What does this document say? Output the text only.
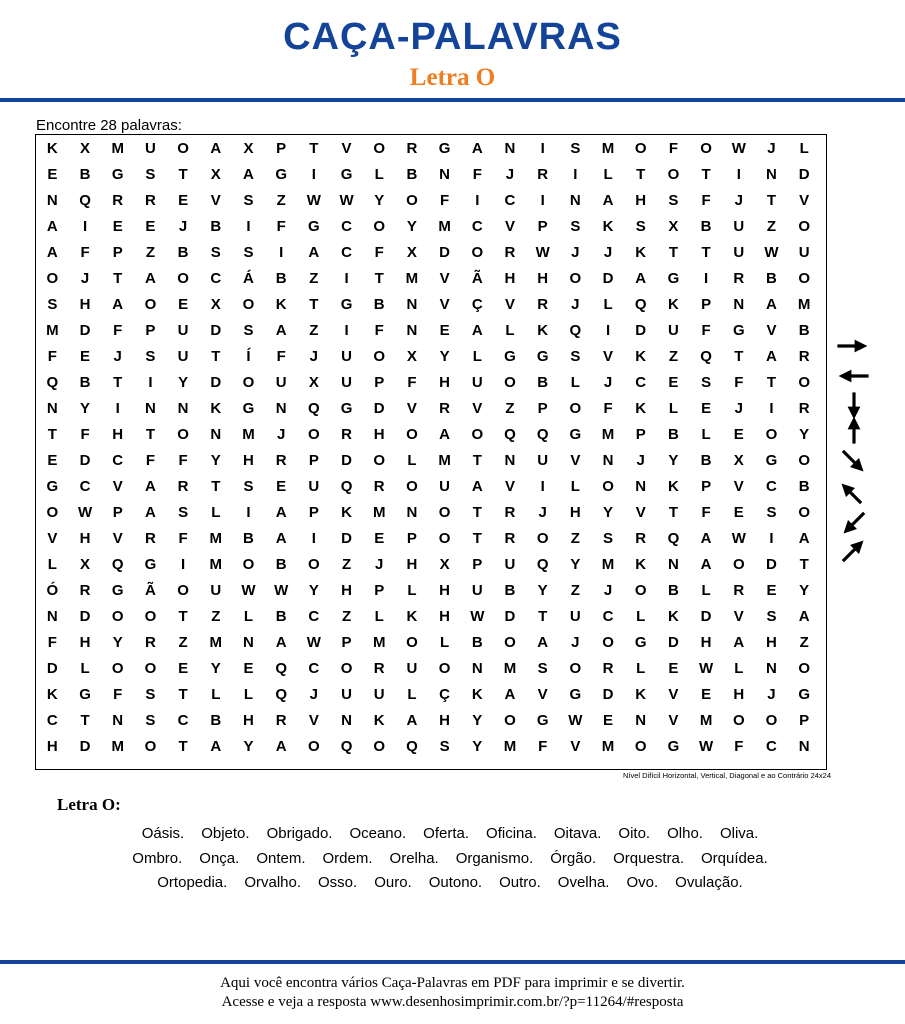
CAÇA-PALAVRAS
Letra O
Encontre 28 palavras:
K	X	M	U	O	A	X	P	T	V	O	R	G	A	N	I	S	M	O	F	O	W	J	L
E	B	G	S	T	X	A	G	I	G	L	B	N	F	J	R	I	L	T	O	T	I	N	D
N	Q	R	R	E	V	S	Z	W	W	Y	O	F	I	C	I	N	A	H	S	F	J	T	V
A	I	E	E	J	B	I	F	G	C	O	Y	M	C	V	P	S	K	S	X	B	U	Z	O
A	F	P	Z	B	S	S	I	A	C	F	X	D	O	R	W	J	J	K	T	T	U	W	U
O	J	T	A	O	C	Á	B	Z	I	T	M	V	Ã	H	H	O	D	A	G	I	R	B	O
S	H	A	O	E	X	O	K	T	G	B	N	V	Ç	V	R	J	L	Q	K	P	N	A	M
M	D	F	P	U	D	S	A	Z	I	F	N	E	A	L	K	Q	I	D	U	F	G	V	B
F	E	J	S	U	T	Í	F	J	U	O	X	Y	L	G	G	S	V	K	Z	Q	T	A	R
Q	B	T	I	Y	D	O	U	X	U	P	F	H	U	O	B	L	J	C	E	S	F	T	O
N	Y	I	N	N	K	G	N	Q	G	D	V	R	V	Z	P	O	F	K	L	E	J	I	R
T	F	H	T	O	N	M	J	O	R	H	O	A	O	Q	Q	G	M	P	B	L	E	O	Y
E	D	C	F	F	Y	H	R	P	D	O	L	M	T	N	U	V	N	J	Y	B	X	G	O
G	C	V	A	R	T	S	E	U	Q	R	O	U	A	V	I	L	O	N	K	P	V	C	B
O	W	P	A	S	L	I	A	P	K	M	N	O	T	R	J	H	Y	V	T	F	E	S	O
V	H	V	R	F	M	B	A	I	D	E	P	O	T	R	O	Z	S	R	Q	A	W	I	A
L	X	Q	G	I	M	O	B	O	Z	J	H	X	P	U	Q	Y	M	K	N	A	O	D	T
Ó	R	G	Ã	O	U	W	W	Y	H	P	L	H	U	B	Y	Z	J	O	B	L	R	E	Y
N	D	O	O	T	Z	L	B	C	Z	L	K	H	W	D	T	U	C	L	K	D	V	S	A
F	H	Y	R	Z	M	N	A	W	P	M	O	L	B	O	A	J	O	G	D	H	A	H	Z
D	L	O	O	E	Y	E	Q	C	O	R	U	O	N	M	S	O	R	L	E	W	L	N	O
K	G	F	S	T	L	L	Q	J	U	U	L	Ç	K	A	V	G	D	K	V	E	H	J	G
C	T	N	S	C	B	H	R	V	N	K	A	H	Y	O	G	W	E	N	V	M	O	O	P
H	D	M	O	T	A	Y	A	O	Q	O	Q	S	Y	M	F	V	M	O	G	W	F	C	N
Nível Difícil Horizontal, Vertical, Diagonal e ao Contrário 24x24
Letra O:
Oásis. Objeto. Obrigado. Oceano. Oferta. Oficina. Oitava. Oito. Olho. Oliva.
Ombro. Onça. Ontem. Ordem. Orelha. Organismo. Órgão. Orquestra. Orquídea.
Ortopedia. Orvalho. Osso. Ouro. Outono. Outro. Ovelha. Ovo. Ovulação.
Aqui você encontra vários Caça-Palavras em PDF para imprimir e se divertir.
Acesse e veja a resposta www.desenhosimprimir.com.br/?p=11264/#resposta
